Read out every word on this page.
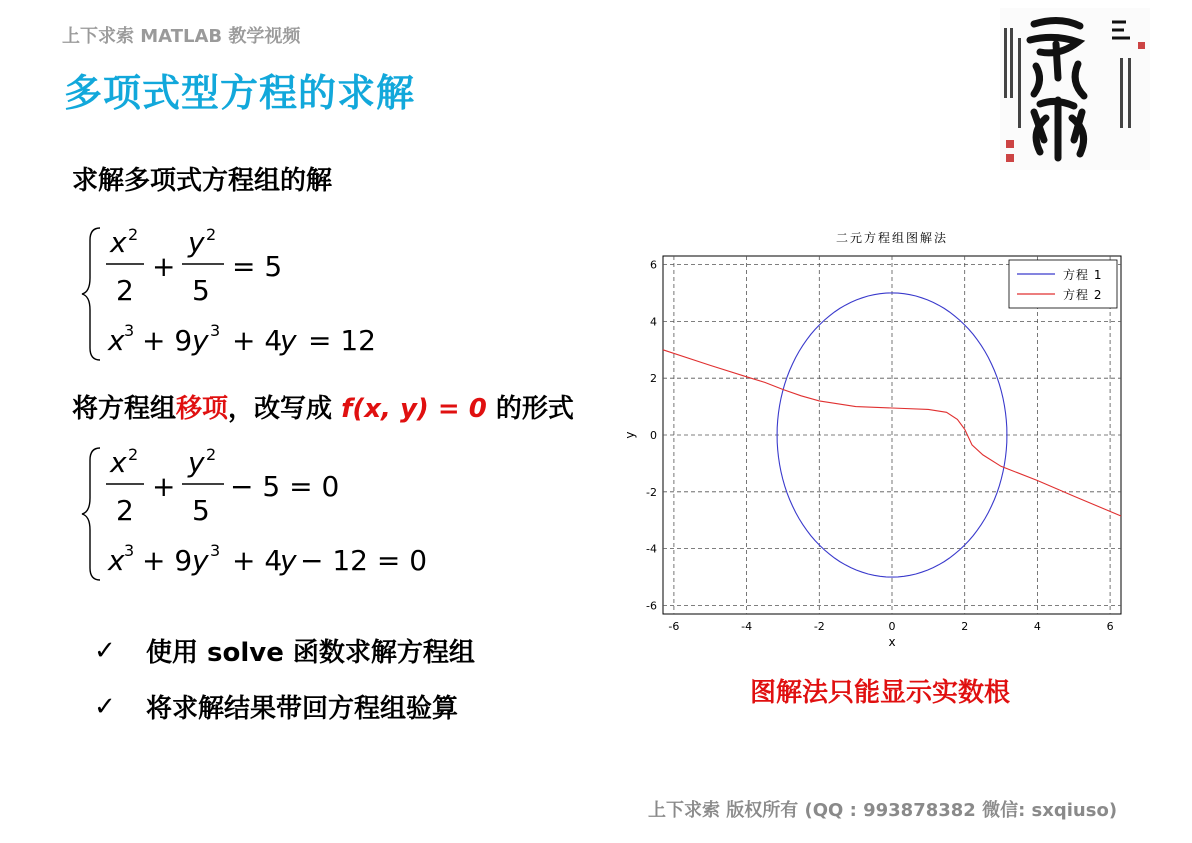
上下求索 MATLAB 教学视频
多项式型方程的求解
求解多项式方程组的解
x 2
2
+
y 2
5
= 5
x 3 + 9 y 3 + 4
y = 12
将方程组移项，改写成 f(x, y) = 0 的形式
x 2
2
+
y 2
5
− 5 = 0
x 3 + 9 y 3 + 4
y − 12 = 0
✓	使用 solve 函数求解方程组
✓	将求解结果带回方程组验算
-6	-4	-2	0	2	4	6
-6
-4
-2
0
2
4
6
二元方程组图解法
x
y
方程 1
方程 2
图解法只能显示实数根
上下求索 版权所有 (QQ : 993878382 微信: sxqiuso)
